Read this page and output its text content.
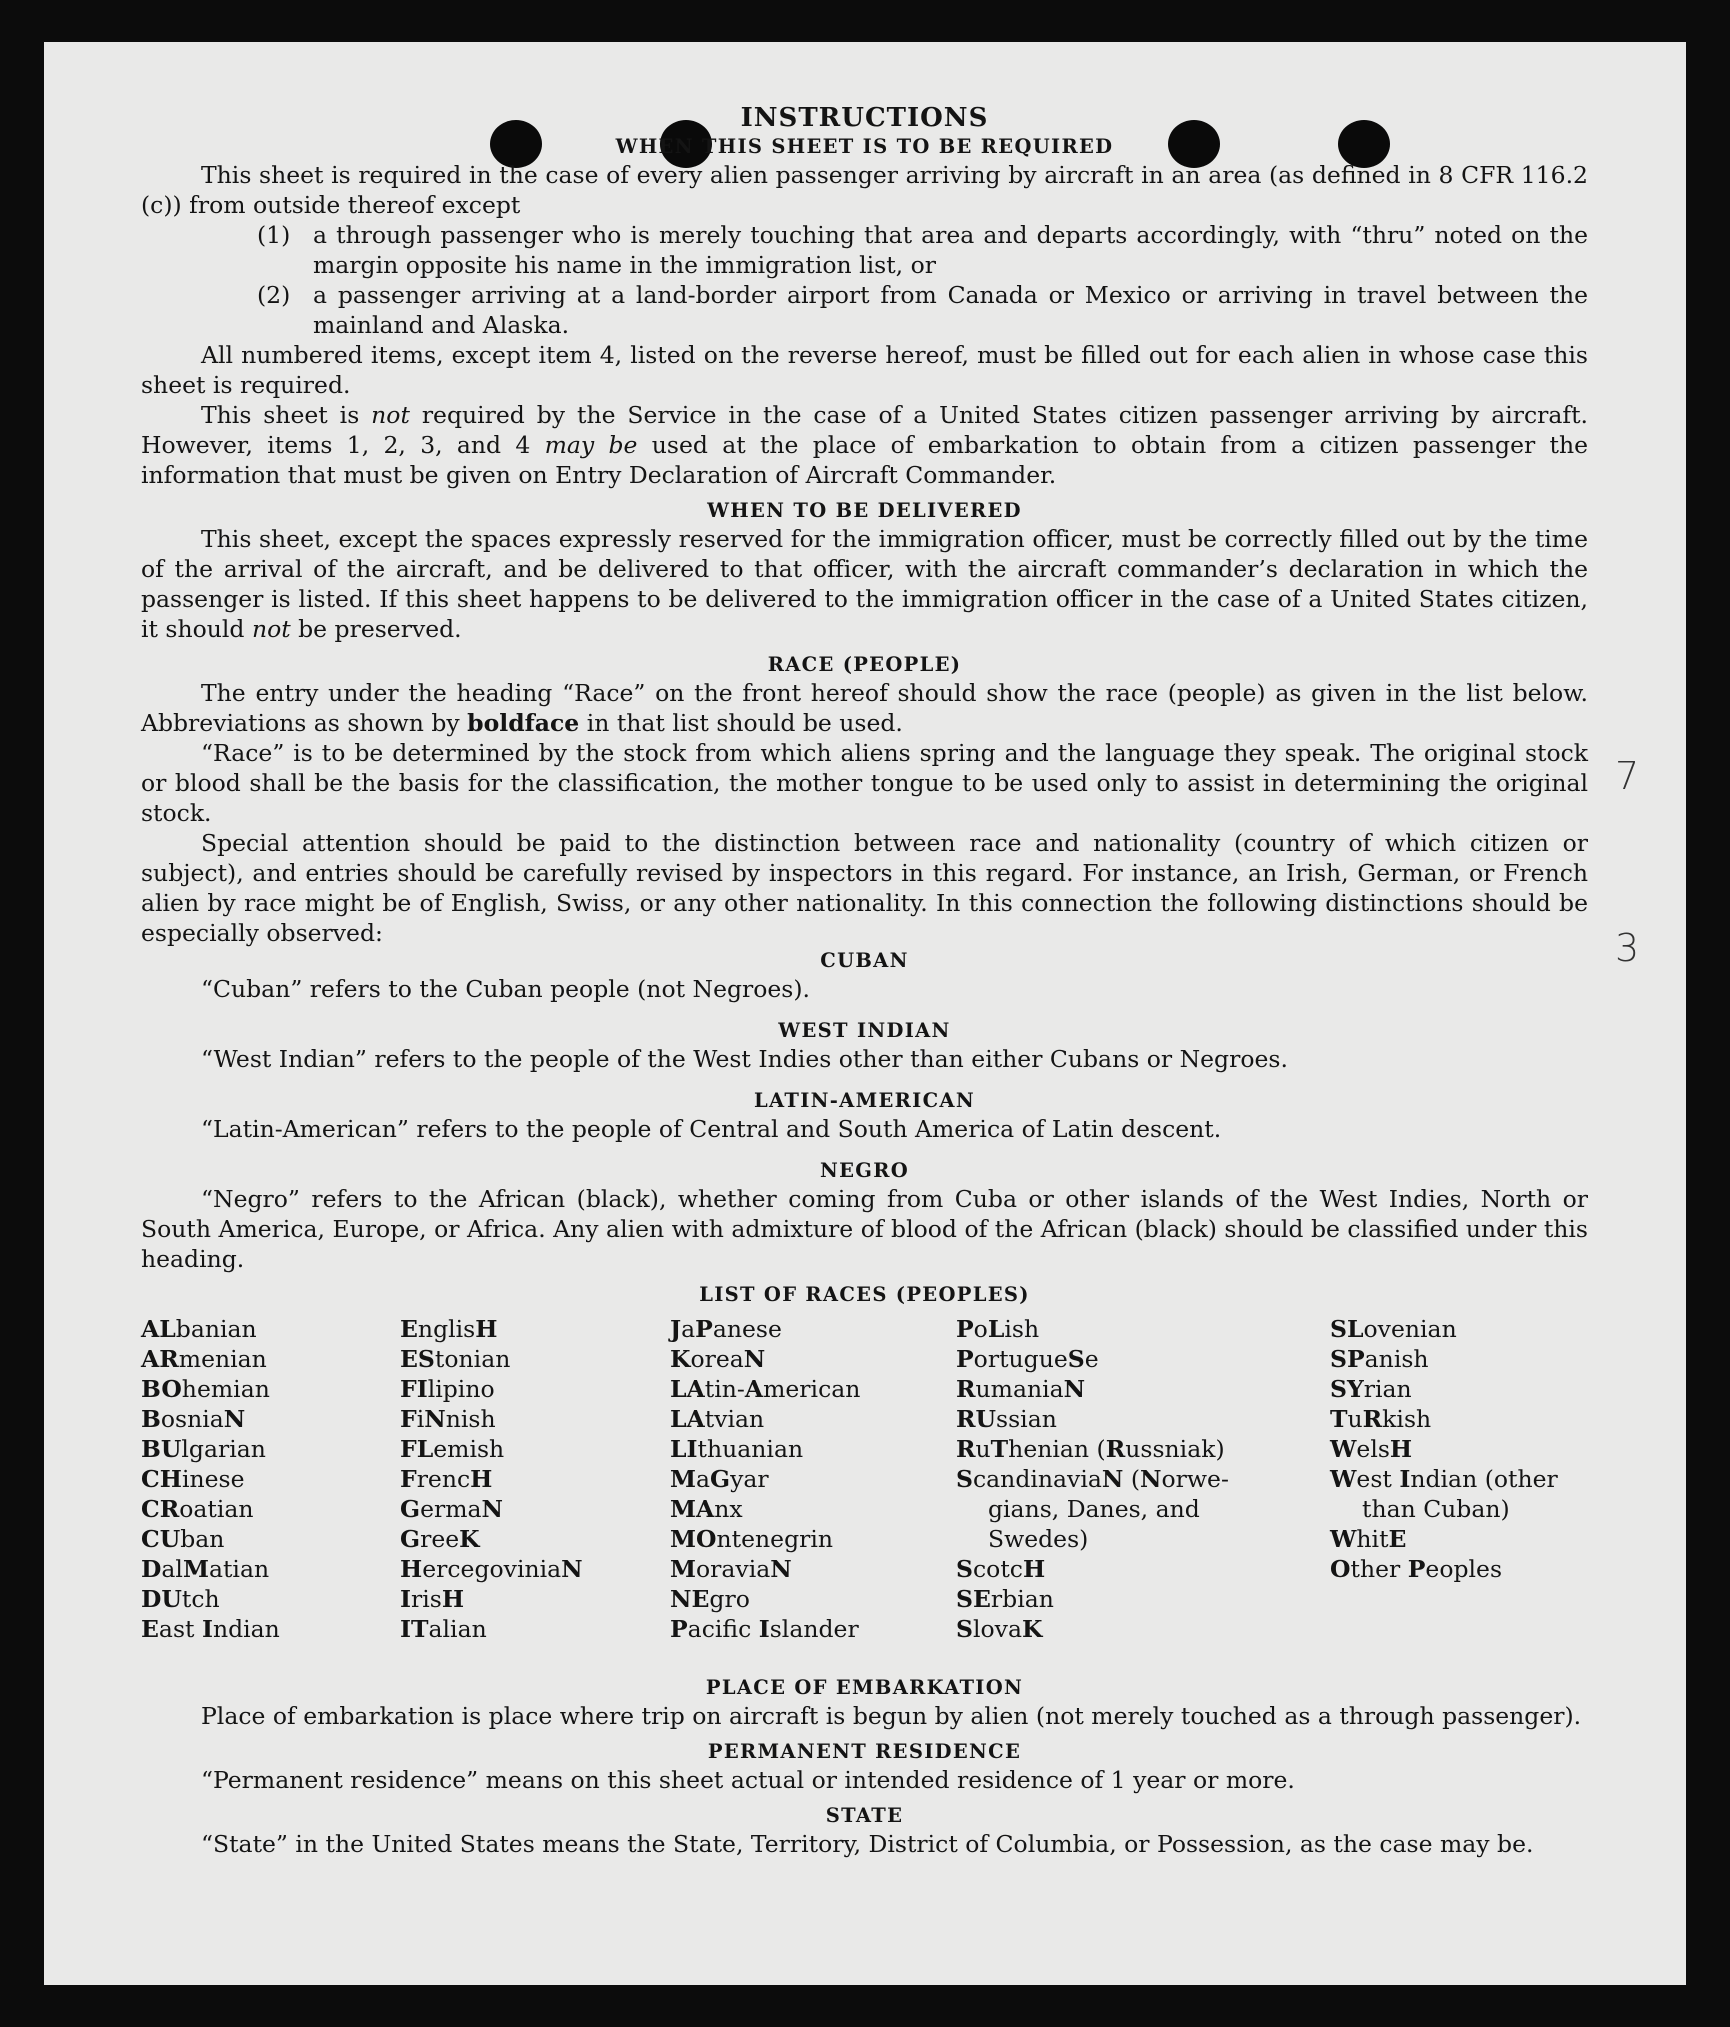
7
3
INSTRUCTIONS
WHEN THIS SHEET IS TO BE REQUIRED

This sheet is required in the case of every alien passenger arriving by aircraft in an area (as defined in 8 CFR 116.2 (c)) from outside thereof except

(1) a through passenger who is merely touching that area and departs accordingly, with “thru” noted on the margin opposite his name in the immigration list, or
(2) a passenger arriving at a land-border airport from Canada or Mexico or arriving in travel between the mainland and Alaska.

All numbered items, except item 4, listed on the reverse hereof, must be filled out for each alien in whose case this sheet is required.

This sheet is not required by the Service in the case of a United States citizen passenger arriving by aircraft. However, items 1, 2, 3, and 4 may be used at the place of embarkation to obtain from a citizen passenger the information that must be given on Entry Declaration of Aircraft Commander.

WHEN TO BE DELIVERED

This sheet, except the spaces expressly reserved for the immigration officer, must be correctly filled out by the time of the arrival of the aircraft, and be delivered to that officer, with the aircraft commander’s declaration in which the passenger is listed. If this sheet happens to be delivered to the immigration officer in the case of a United States citizen, it should not be preserved.

RACE (PEOPLE)

The entry under the heading “Race” on the front hereof should show the race (people) as given in the list below. Abbreviations as shown by boldface in that list should be used.

“Race” is to be determined by the stock from which aliens spring and the language they speak. The original stock or blood shall be the basis for the classification, the mother tongue to be used only to assist in determining the original stock.

Special attention should be paid to the distinction between race and nationality (country of which citizen or subject), and entries should be carefully revised by inspectors in this regard. For instance, an Irish, German, or French alien by race might be of English, Swiss, or any other nationality. In this connection the following distinctions should be especially observed:

CUBAN

“Cuban” refers to the Cuban people (not Negroes).

WEST INDIAN

“West Indian” refers to the people of the West Indies other than either Cubans or Negroes.

LATIN-AMERICAN

“Latin-American” refers to the people of Central and South America of Latin descent.

NEGRO

“Negro” refers to the African (black), whether coming from Cuba or other islands of the West Indies, North or South America, Europe, or Africa. Any alien with admixture of blood of the African (black) should be classified under this heading.

LIST OF RACES (PEOPLES)
ALbanian
ARmenian
BOhemian
BosniaN
BUlgarian
CHinese
CRoatian
CUban
DalMatian
DUtch
East Indian
EnglisH
EStonian
FIlipino
FiNnish
FLemish
FrencH
GermaN
GreeK
HercegoviniaN
IrisH
ITalian
JaPanese
KoreaN
LAtin-American
LAtvian
LIthuanian
MaGyar
MAnx
MOntenegrin
MoraviaN
NEgro
Pacifc Islander
PoLish
PortugueSe
RumaniaN
RUssian
RuThenian (Russniak)
ScandinaviaN (Norwe-
gians, Danes, and
Swedes)
ScotcH
SErbian
SlovaK
SLovenian
SPanish
SYrian
TuRkish
WelsH
West Indian (other
than Cuban)
WhitE
Other Peoples
PLACE OF EMBARKATION

Place of embarkation is place where trip on aircraft is begun by alien (not merely touched as a through passenger).

PERMANENT RESIDENCE

“Permanent residence” means on this sheet actual or intended residence of 1 year or more.

STATE

“State” in the United States means the State, Territory, District of Columbia, or Possession, as the case may be.
